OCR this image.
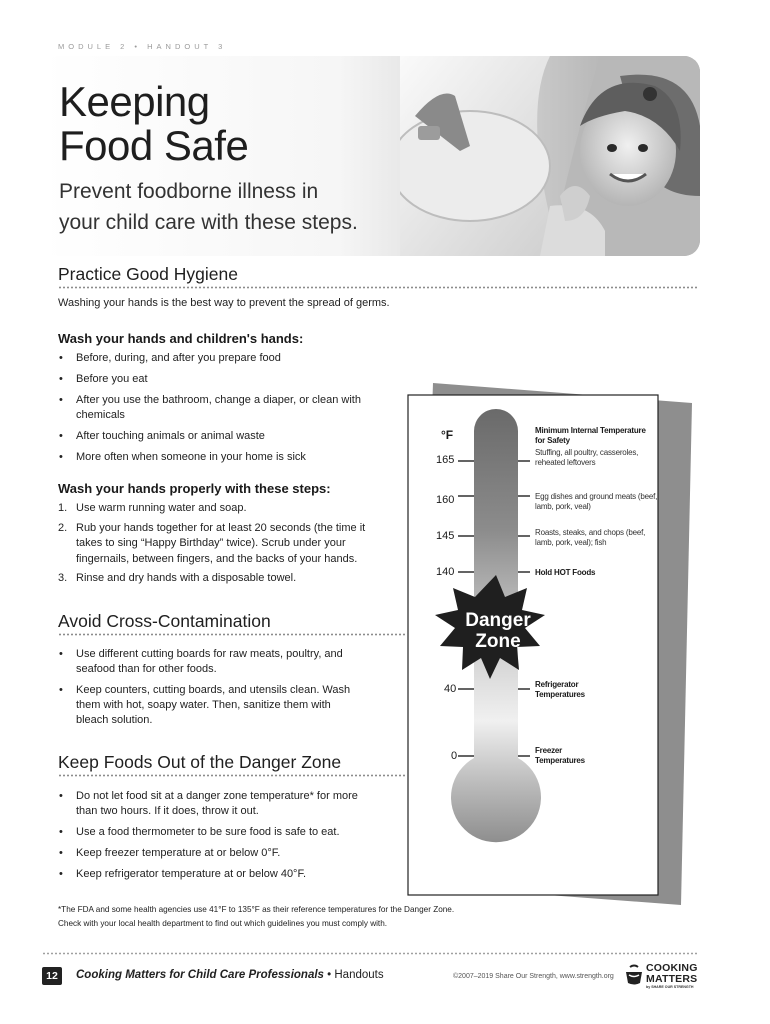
MODULE 2 • HANDOUT 3
Keeping
Food Safe
Prevent foodborne illness in
your child care with these steps.
Practice Good Hygiene
Washing your hands is the best way to prevent the spread of germs.
Wash your hands and children's hands:
• Before, during, and after you prepare food
• Before you eat
• After you use the bathroom, change a diaper, or clean with chemicals
• After touching animals or animal waste
• More often when someone in your home is sick
Wash your hands properly with these steps:
1. Use warm running water and soap.
2. Rub your hands together for at least 20 seconds (the time it takes to sing “Happy Birthday” twice). Scrub under your fingernails, between fingers, and the backs of your hands.
3. Rinse and dry hands with a disposable towel.
Avoid Cross-Contamination
• Use different cutting boards for raw meats, poultry, and seafood than for other foods.
• Keep counters, cutting boards, and utensils clean. Wash them with hot, soapy water. Then, sanitize them with bleach solution.
Keep Foods Out of the Danger Zone
• Do not let food sit at a danger zone temperature* for more than two hours. If it does, throw it out.
• Use a food thermometer to be sure food is safe to eat.
• Keep freezer temperature at or below 0°F.
• Keep refrigerator temperature at or below 40°F.
°F
165
160
145
140
40
0
Minimum Internal Temperature for Safety
Stuffing, all poultry, casseroles, reheated leftovers
Egg dishes and ground meats (beef, lamb, pork, veal)
Roasts, steaks, and chops (beef, lamb, pork, veal); fish
Hold HOT Foods
Refrigerator Temperatures
Freezer Temperatures
Danger
Zone
*The FDA and some health agencies use 41°F to 135°F as their reference temperatures for the Danger Zone.
Check with your local health department to find out which guidelines you must comply with.
12	Cooking Matters for Child Care Professionals • Handouts	©2007–2019 Share Our Strength, www.strength.org
COOKING
MATTERS
by SHARE OUR STRENGTH
